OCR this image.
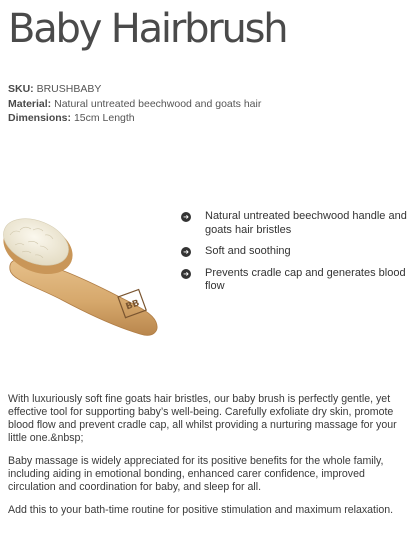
Baby Hairbrush
SKU: BRUSHBABY
Material: Natural untreated beechwood and goats hair
Dimensions: 15cm Length
BB
➜ Natural untreated beechwood handle and goats hair bristles
➜ Soft and soothing
➜ Prevents cradle cap and generates blood flow

With luxuriously soft fine goats hair bristles, our baby brush is perfectly gentle, yet effective tool for supporting baby’s well-being. Carefully exfoliate dry skin, promote blood flow and prevent cradle cap, all whilst providing a nurturing massage for your little one.&nbsp;

Baby massage is widely appreciated for its positive benefits for the whole family, including aiding in emotional bonding, enhanced carer confidence, improved circulation and coordination for baby, and sleep for all.

Add this to your bath-time routine for positive stimulation and maximum relaxation.
